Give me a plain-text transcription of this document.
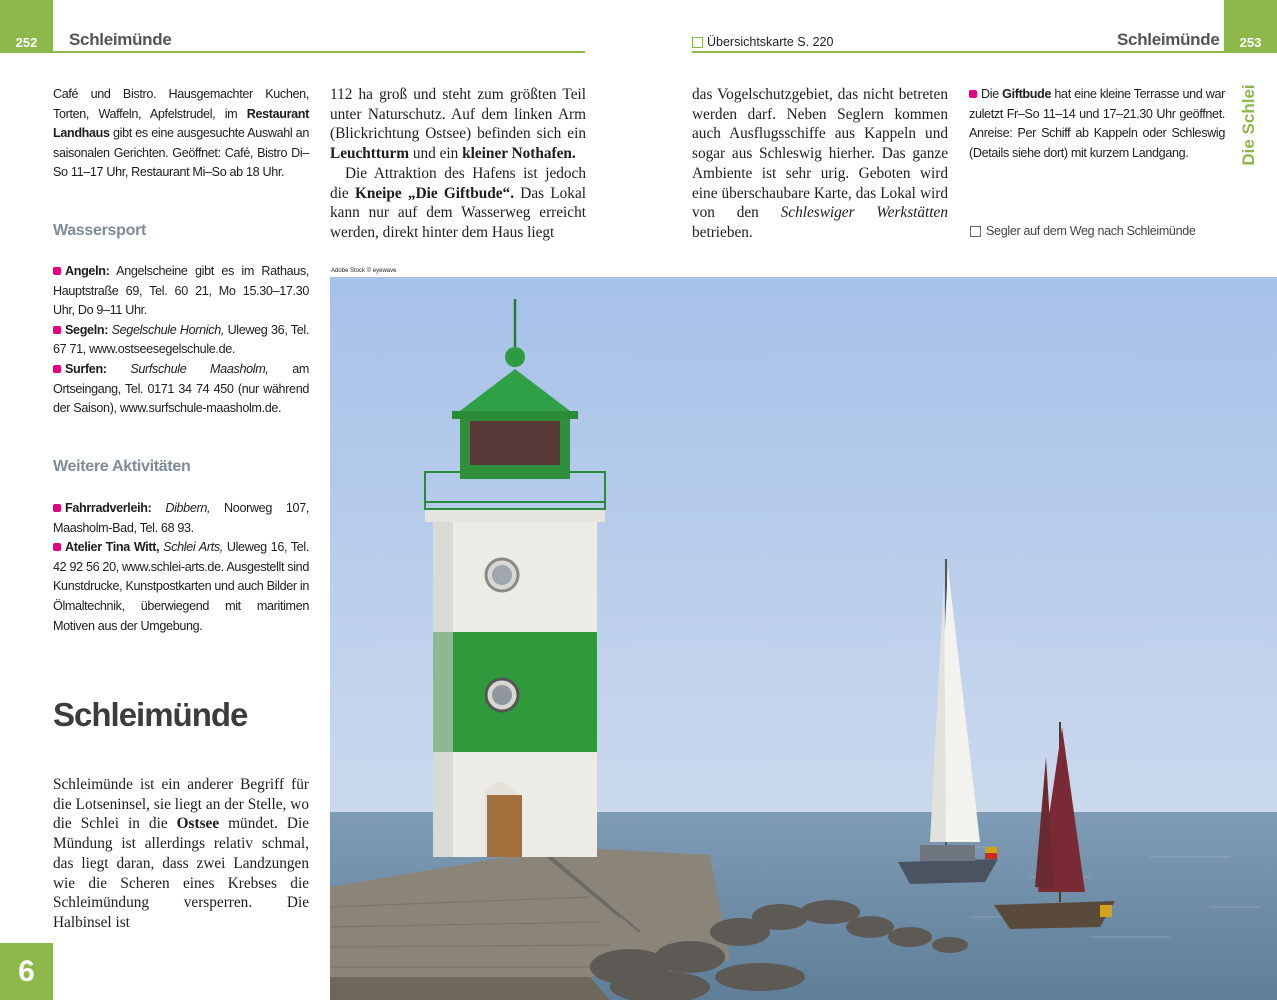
252 Schleimünde	Übersichtskarte S. 220	Schleimünde 253
Die Schlei
Café und Bistro. Hausgemachter Kuchen, Torten, Waffeln, Apfelstrudel, im Restaurant Landhaus gibt es eine ausgesuchte Auswahl an saisonalen Gerichten. Geöffnet: Café, Bistro Di–So 11–17 Uhr, Restaurant Mi–So ab 18 Uhr.
Wassersport

Angeln: Angelscheine gibt es im Rathaus, Hauptstraße 69, Tel. 60 21, Mo 15.30–17.30 Uhr, Do 9–11 Uhr.

Segeln: Segelschule Hornich, Uleweg 36, Tel. 67 71, www.ostseesegelschule.de.

Surfen: Surfschule Maasholm, am Ortseingang, Tel. 0171 34 74 450 (nur während der Saison), www.surfschule-maasholm.de.

Weitere Aktivitäten

Fahrradverleih: Dibbern, Noorweg 107, Maasholm-Bad, Tel. 68 93.

Atelier Tina Witt, Schlei Arts, Uleweg 16, Tel. 42 92 56 20, www.schlei-arts.de. Ausgestellt sind Kunstdrucke, Kunstpostkarten und auch Bilder in Ölmaltechnik, überwiegend mit maritimen Motiven aus der Umgebung.

Schleimünde
Schleimünde ist ein anderer Begriff für die Lotseninsel, sie liegt an der Stelle, wo die Schlei in die Ostsee mündet. Die Mündung ist allerdings relativ schmal, das liegt daran, dass zwei Landzungen wie die Scheren eines Krebses die Schleimündung versperren. Die Halbinsel ist
6

112 ha groß und steht zum größten Teil unter Naturschutz. Auf dem linken Arm (Blickrichtung Ostsee) befinden sich ein Leuchtturm und ein kleiner Nothafen.

Die Attraktion des Hafens ist jedoch die Kneipe „Die Giftbude“. Das Lokal kann nur auf dem Wasserweg erreicht werden, direkt hinter dem Haus liegt

das Vogelschutzgebiet, das nicht betreten werden darf. Neben Seglern kommen auch Ausflugsschiffe aus Kappeln und sogar aus Schleswig hierher. Das ganze Ambiente ist sehr urig. Geboten wird eine überschaubare Karte, das Lokal wird von den Schleswiger Werkstätten betrieben.
Die Giftbude hat eine kleine Terrasse und war zuletzt Fr–So 11–14 und 17–21.30 Uhr geöffnet. Anreise: Per Schiff ab Kappeln oder Schleswig (Details siehe dort) mit kurzem Landgang.
Segler auf dem Weg nach Schleimünde
Adobe Stock © eyewave
